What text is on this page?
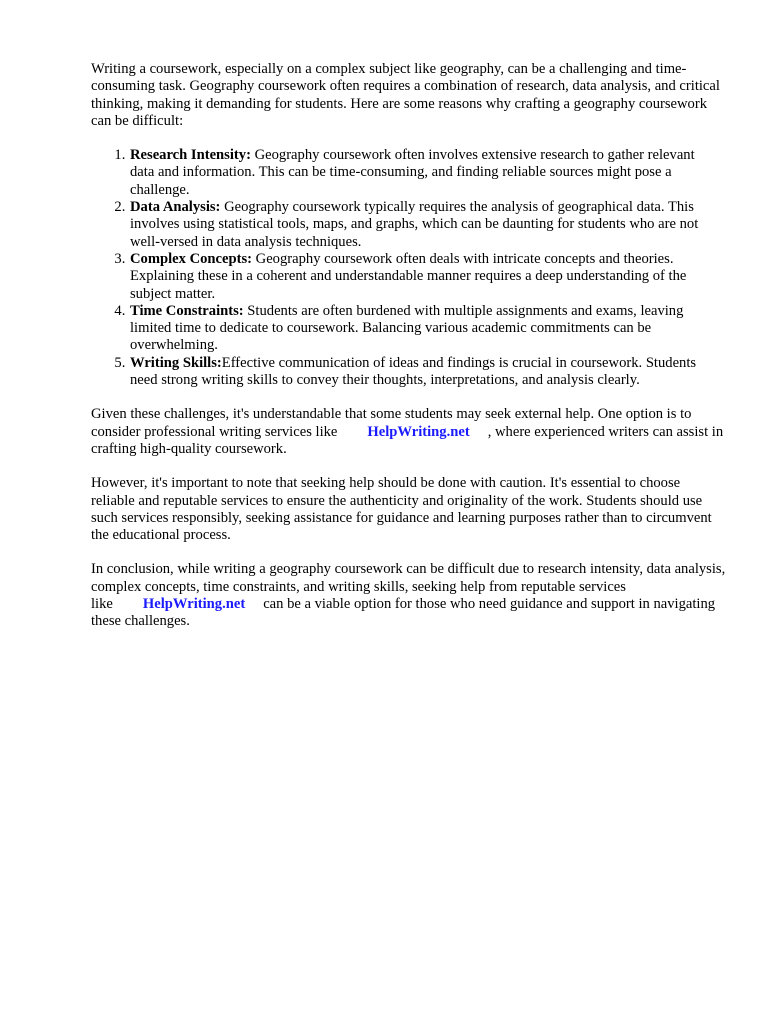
Writing a coursework, especially on a complex subject like geography, can be a challenging and time-consuming task. Geography coursework often requires a combination of research, data analysis, and critical thinking, making it demanding for students. Here are some reasons why crafting a geography coursework can be difficult:

1. Research Intensity: Geography coursework often involves extensive research to gather relevant data and information. This can be time-consuming, and finding reliable sources might pose a challenge.
2. Data Analysis: Geography coursework typically requires the analysis of geographical data. This involves using statistical tools, maps, and graphs, which can be daunting for students who are not well-versed in data analysis techniques.
3. Complex Concepts: Geography coursework often deals with intricate concepts and theories. Explaining these in a coherent and understandable manner requires a deep understanding of the subject matter.
4. Time Constraints: Students are often burdened with multiple assignments and exams, leaving limited time to dedicate to coursework. Balancing various academic commitments can be overwhelming.
5. Writing Skills:Effective communication of ideas and findings is crucial in coursework. Students need strong writing skills to convey their thoughts, interpretations, and analysis clearly.

Given these challenges, it's understandable that some students may seek external help. One option is to consider professional writing services like HelpWriting.net , where experienced writers can assist in crafting high-quality coursework.

However, it's important to note that seeking help should be done with caution. It's essential to choose reliable and reputable services to ensure the authenticity and originality of the work. Students should use such services responsibly, seeking assistance for guidance and learning purposes rather than to circumvent the educational process.

In conclusion, while writing a geography coursework can be difficult due to research intensity, data analysis, complex concepts, time constraints, and writing skills, seeking help from reputable services like HelpWriting.net can be a viable option for those who need guidance and support in navigating these challenges.
